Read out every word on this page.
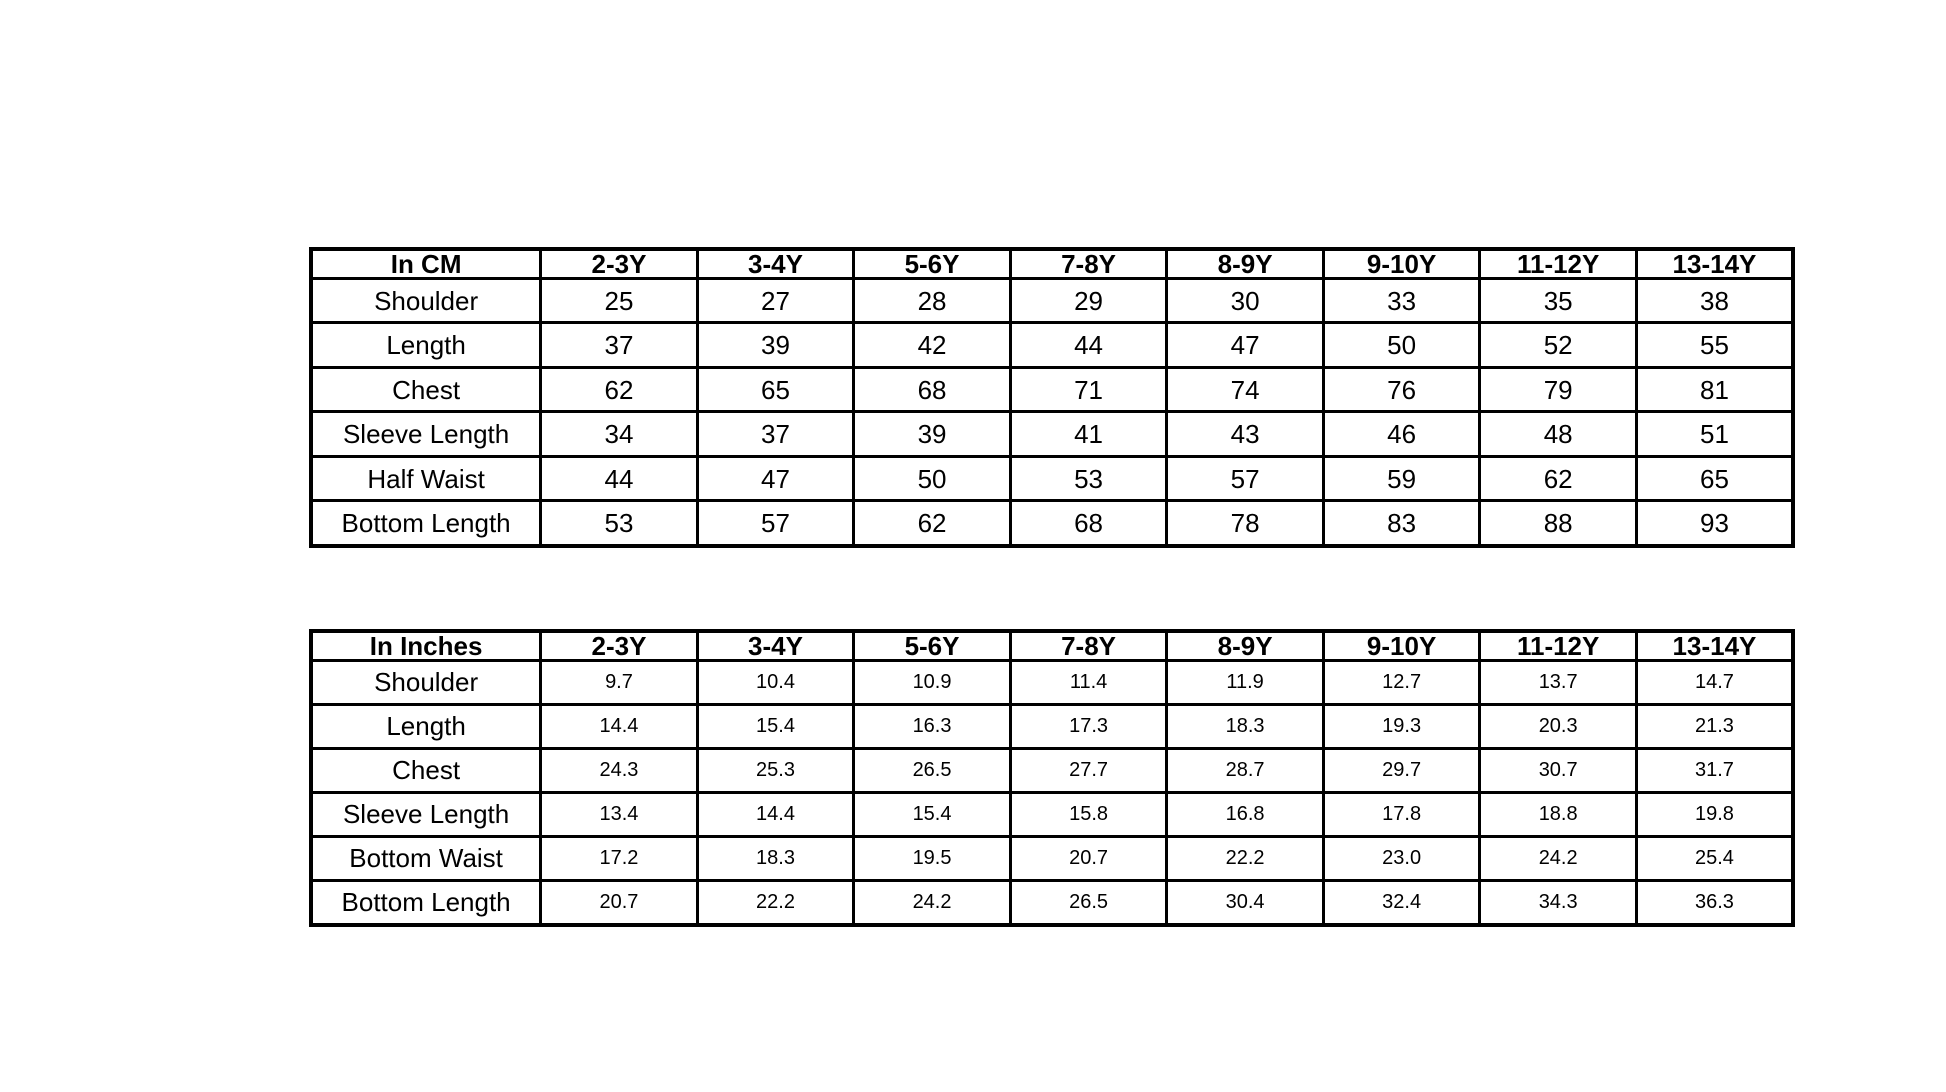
In CM	2-3Y	3-4Y	5-6Y	7-8Y	8-9Y	9-10Y	11-12Y	13-14Y
Shoulder	25	27	28	29	30	33	35	38
Length	37	39	42	44	47	50	52	55
Chest	62	65	68	71	74	76	79	81
Sleeve Length	34	37	39	41	43	46	48	51
Half Waist	44	47	50	53	57	59	62	65
Bottom Length	53	57	62	68	78	83	88	93
In Inches	2-3Y	3-4Y	5-6Y	7-8Y	8-9Y	9-10Y	11-12Y	13-14Y
Shoulder	9.7	10.4	10.9	11.4	11.9	12.7	13.7	14.7
Length	14.4	15.4	16.3	17.3	18.3	19.3	20.3	21.3
Chest	24.3	25.3	26.5	27.7	28.7	29.7	30.7	31.7
Sleeve Length	13.4	14.4	15.4	15.8	16.8	17.8	18.8	19.8
Bottom Waist	17.2	18.3	19.5	20.7	22.2	23.0	24.2	25.4
Bottom Length	20.7	22.2	24.2	26.5	30.4	32.4	34.3	36.3
